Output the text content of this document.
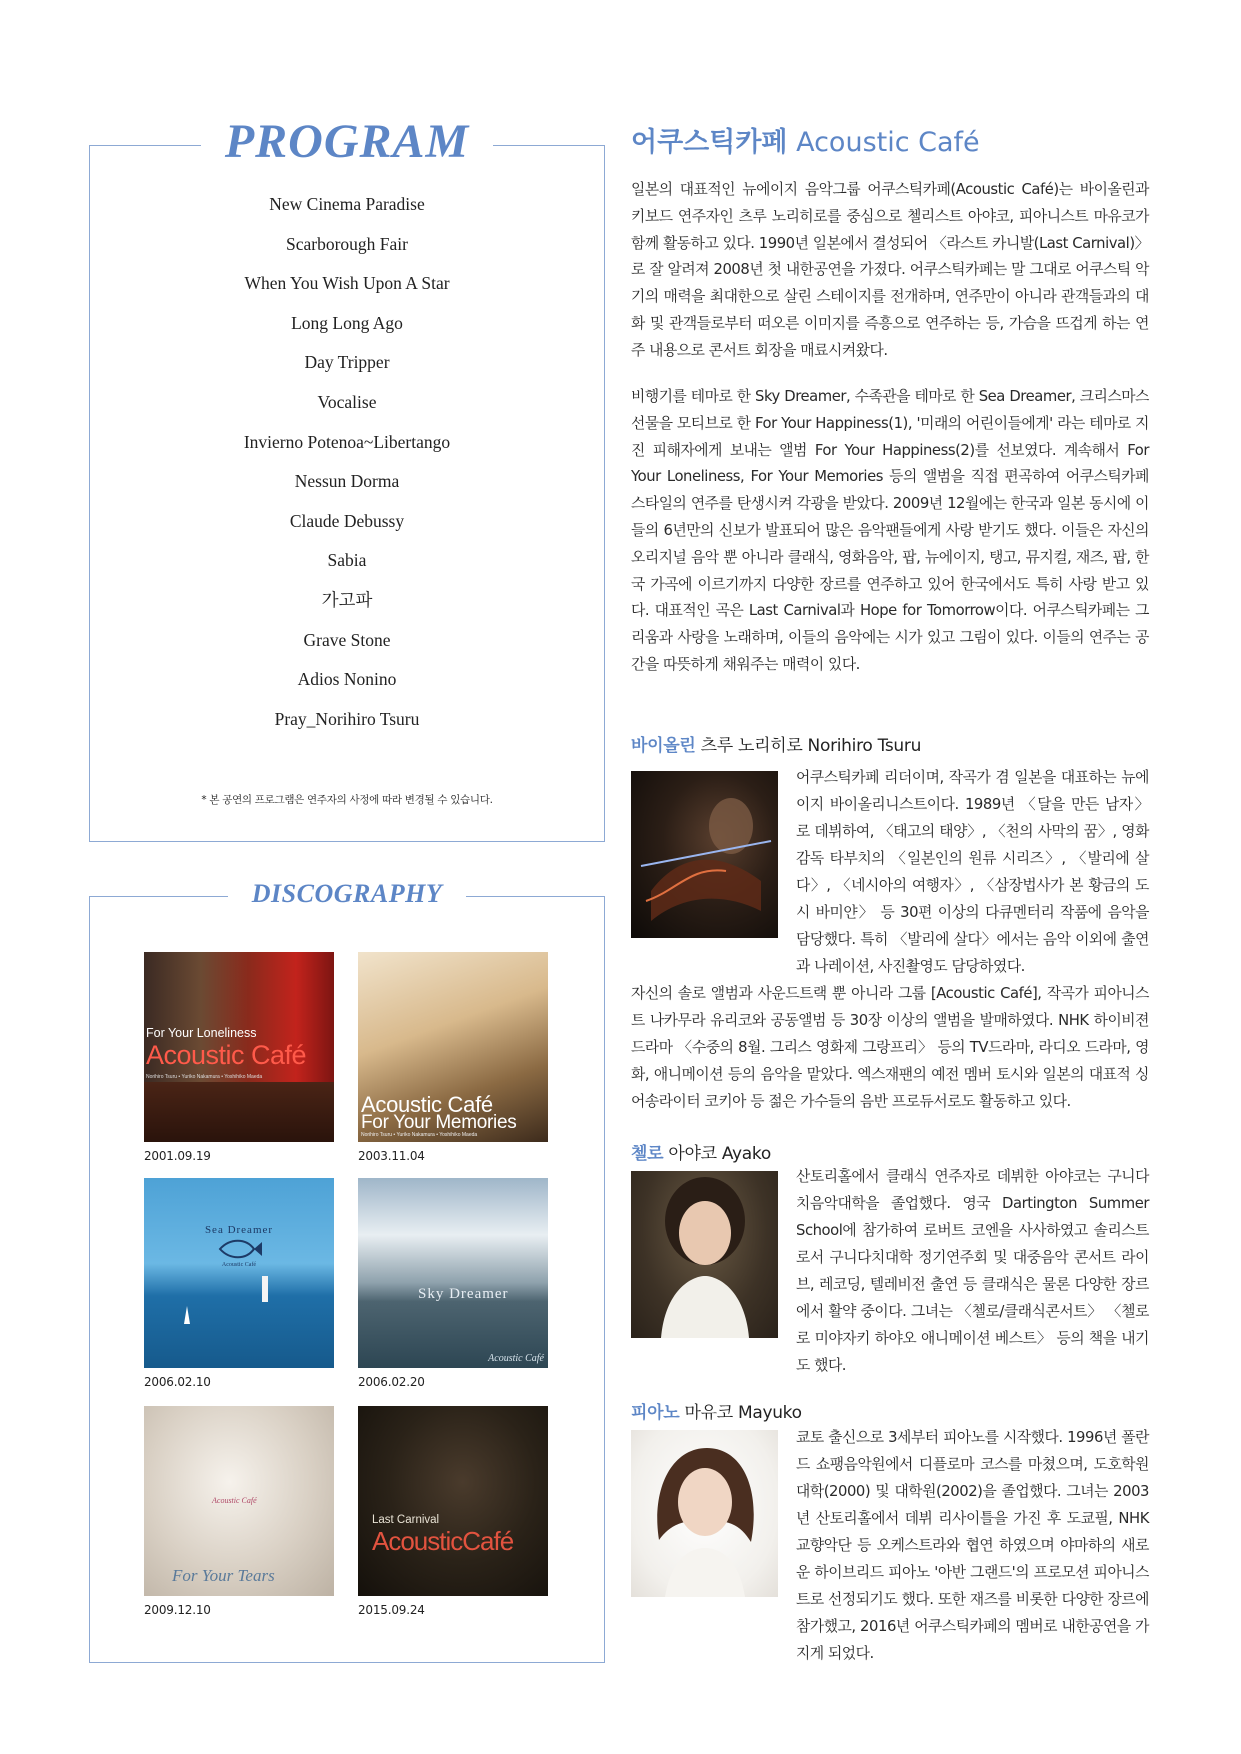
PROGRAM
New Cinema Paradise
Scarborough Fair
When You Wish Upon A Star
Long Long Ago
Day Tripper
Vocalise
Invierno Potenoa~Libertango
Nessun Dorma
Claude Debussy
Sabia
가고파
Grave Stone
Adios Nonino
Pray_Norihiro Tsuru
* 본 공연의 프로그램은 연주자의 사정에 따라 변경될 수 있습니다.
DISCOGRAPHY
For Your Loneliness
Acoustic Café
Norihiro Tsuru • Yuriko Nakamura • Yoshihiko Maeda
2001.09.19
Acoustic Café
For Your Memories
Norihiro Tsuru • Yuriko Nakamura • Yoshihiko Maeda
2003.11.04
Sea Dreamer
Acoustic Café
2006.02.10
Sky Dreamer
Acoustic Café
2006.02.20
Acoustic Café
For Your Tears
2009.12.10
Last Carnival
AcousticCafé
2015.09.24
어쿠스틱카페 Acoustic Café
일본의 대표적인 뉴에이지 음악그룹 어쿠스틱카페(Acoustic Café)는 바이올린과 키보드 연주자인 츠루 노리히로를 중심으로 첼리스트 아야코, 피아니스트 마유코가 함께 활동하고 있다. 1990년 일본에서 결성되어 〈라스트 카니발(Last Carnival)〉로 잘 알려져 2008년 첫 내한공연을 가졌다. 어쿠스틱카페는 말 그대로 어쿠스틱 악기의 매력을 최대한으로 살린 스테이지를 전개하며, 연주만이 아니라 관객들과의 대화 및 관객들로부터 떠오른 이미지를 즉흥으로 연주하는 등, 가슴을 뜨겁게 하는 연주 내용으로 콘서트 회장을 매료시켜왔다.
비행기를 테마로 한 Sky Dreamer, 수족관을 테마로 한 Sea Dreamer, 크리스마스 선물을 모티브로 한 For Your Happiness(1), '미래의 어린이들에게' 라는 테마로 지진 피해자에게 보내는 앨범 For Your Happiness(2)를 선보였다. 계속해서 For Your Loneliness, For Your Memories 등의 앨범을 직접 편곡하여 어쿠스틱카페 스타일의 연주를 탄생시켜 각광을 받았다. 2009년 12월에는 한국과 일본 동시에 이들의 6년만의 신보가 발표되어 많은 음악팬들에게 사랑 받기도 했다. 이들은 자신의 오리지널 음악 뿐 아니라 클래식, 영화음악, 팝, 뉴에이지, 탱고, 뮤지컬, 재즈, 팝, 한국 가곡에 이르기까지 다양한 장르를 연주하고 있어 한국에서도 특히 사랑 받고 있다. 대표적인 곡은 Last Carnival과 Hope for Tomorrow이다. 어쿠스틱카페는 그리움과 사랑을 노래하며, 이들의 음악에는 시가 있고 그림이 있다. 이들의 연주는 공간을 따뜻하게 채워주는 매력이 있다.
바이올린 츠루 노리히로 Norihiro Tsuru
어쿠스틱카페 리더이며, 작곡가 겸 일본을 대표하는 뉴에이지 바이올리니스트이다. 1989년 〈달을 만든 남자〉로 데뷔하여, 〈태고의 태양〉, 〈천의 사막의 꿈〉, 영화감독 타부치의 〈일본인의 원류 시리즈〉, 〈발리에 살다〉, 〈네시아의 여행자〉, 〈삼장법사가 본 황금의 도시 바미얀〉 등 30편 이상의 다큐멘터리 작품에 음악을 담당했다. 특히 〈발리에 살다〉에서는 음악 이외에 출연과 나레이션, 사진촬영도 담당하였다.
자신의 솔로 앨범과 사운드트랙 뿐 아니라 그룹 [Acoustic Café], 작곡가 피아니스트 나카무라 유리코와 공동앨범 등 30장 이상의 앨범을 발매하였다. NHK 하이비젼 드라마 〈수중의 8월. 그리스 영화제 그랑프리〉 등의 TV드라마, 라디오 드라마, 영화, 애니메이션 등의 음악을 맡았다. 엑스재팬의 예전 멤버 토시와 일본의 대표적 싱어송라이터 코키아 등 젊은 가수들의 음반 프로듀서로도 활동하고 있다.
첼로 아야코 Ayako
산토리홀에서 클래식 연주자로 데뷔한 아야코는 구니다치음악대학을 졸업했다. 영국 Dartington Summer School에 참가하여 로버트 코엔을 사사하였고 솔리스트로서 구니다치대학 정기연주회 및 대중음악 콘서트 라이브, 레코딩, 텔레비전 출연 등 클래식은 물론 다양한 장르에서 활약 중이다. 그녀는 〈첼로/클래식콘서트〉 〈첼로로 미야자키 하야오 애니메이션 베스트〉 등의 책을 내기도 했다.
피아노 마유코 Mayuko
쿄토 출신으로 3세부터 피아노를 시작했다. 1996년 폴란드 쇼팽음악원에서 디플로마 코스를 마쳤으며, 도호학원대학(2000) 및 대학원(2002)을 졸업했다. 그녀는 2003년 산토리홀에서 데뷔 리사이틀을 가진 후 도쿄필, NHK 교향악단 등 오케스트라와 협연 하였으며 야마하의 새로운 하이브리드 피아노 '아반 그랜드'의 프로모션 피아니스트로 선정되기도 했다. 또한 재즈를 비롯한 다양한 장르에 참가했고, 2016년 어쿠스틱카페의 멤버로 내한공연을 가지게 되었다.
